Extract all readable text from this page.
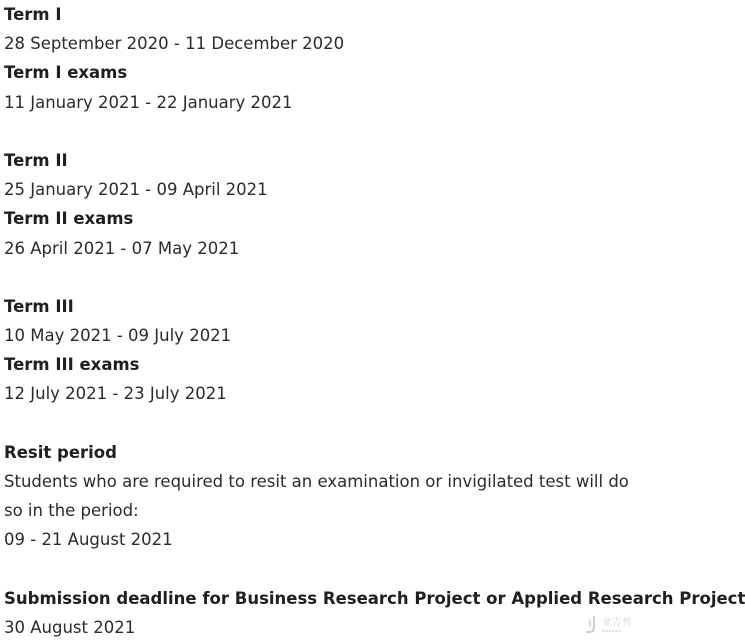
Term I
28 September 2020 - 11 December 2020
Term I exams
11 January 2021 - 22 January 2021
Term II
25 January 2021 - 09 April 2021
Term II exams
26 April 2021 - 07 May 2021
Term III
10 May 2021 - 09 July 2021
Term III exams
12 July 2021 - 23 July 2021
Resit period
Students who are required to resit an examination or invigilated test will do so in the period:
09 - 21 August 2021
Submission deadline for Business Research Project or Applied Research Project
30 August 2021	金吉列
▪▪▪▪▪▪
